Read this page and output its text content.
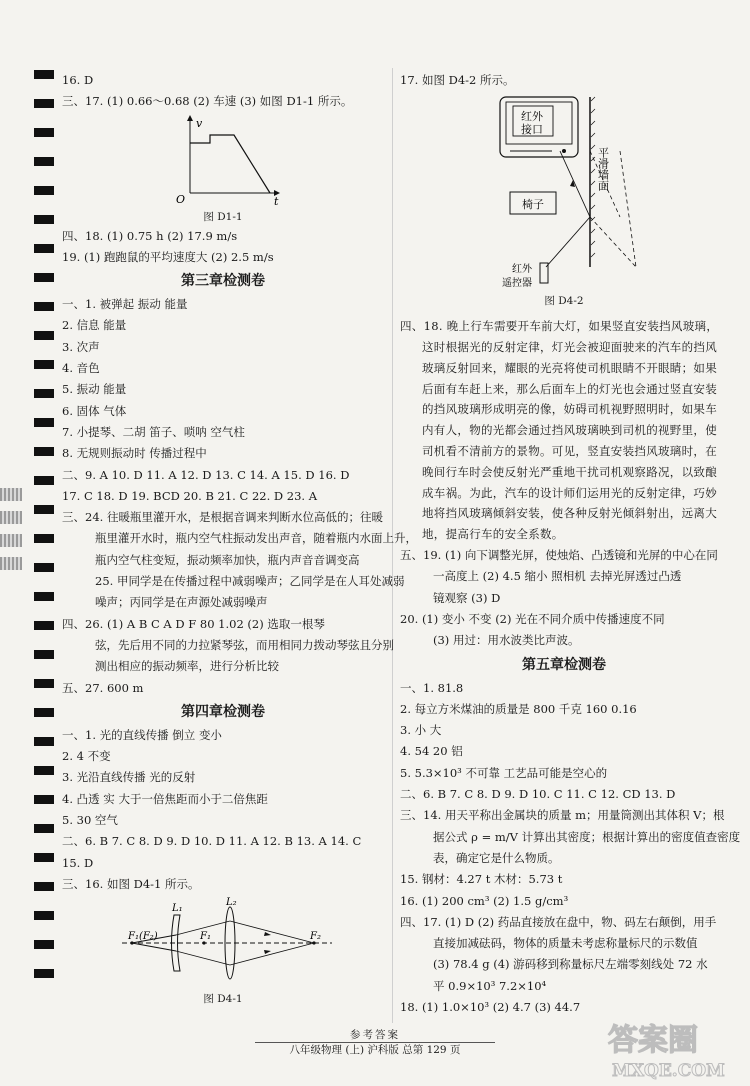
16. D
三、17. (1) 0.66～0.68 (2) 车速 (3) 如图 D1-1 所示。
v
O	t
图 D1-1
四、18. (1) 0.75 h (2) 17.9 m/s
19. (1) 跑跑鼠的平均速度大 (2) 2.5 m/s
第三章检测卷
一、1. 被弹起 振动 能量
2. 信息 能量
3. 次声
4. 音色
5. 振动 能量
6. 固体 气体
7. 小提琴、二胡 笛子、唢呐 空气柱
8. 无规则振动时 传播过程中
二、9. A 10. D 11. A 12. D 13. C 14. A 15. D 16. D
17. C 18. D 19. BCD 20. B 21. C 22. D 23. A
三、24. 往暖瓶里灌开水，是根据音调来判断水位高低的；往暖
瓶里灌开水时，瓶内空气柱振动发出声音，随着瓶内水面上升，
瓶内空气柱变短，振动频率加快，瓶内声音音调变高
25. 甲同学是在传播过程中减弱噪声；乙同学是在人耳处减弱
噪声；丙同学是在声源处减弱噪声
四、26. (1) A B C A D F 80 1.02 (2) 选取一根琴
弦，先后用不同的力拉紧琴弦，而用相同力拨动琴弦且分别
测出相应的振动频率，进行分析比较
五、27. 600 m
第四章检测卷
一、1. 光的直线传播 倒立 变小
2. 4 不变
3. 光沿直线传播 光的反射
4. 凸透 实 大于一倍焦距而小于二倍焦距
5. 30 空气
二、6. B 7. C 8. D 9. D 10. D 11. A 12. B 13. A 14. C
15. D
三、16. 如图 D4-1 所示。
L₁
L₂
F₁(F₂)	F₁	F₂
图 D4-1
17. 如图 D4-2 所示。
红外
接口
平滑墙面
椅子
红外
遥控器
图 D4-2
四、18. 晚上行车需要开车前大灯，如果竖直安装挡风玻璃，这时根据光的反射定律，灯光会被迎面驶来的汽车的挡风玻璃反射回来，耀眼的光亮将使司机眼睛不开眼睛；如果后面有车赶上来，那么后面车上的灯光也会通过竖直安装的挡风玻璃形成明亮的像，妨碍司机视野照明时，如果车内有人，物的光都会通过挡风玻璃映到司机的视野里，使司机看不清前方的景物。可见，竖直安装挡风玻璃时，在晚间行车时会使反射光严重地干扰司机观察路况，以致酿成车祸。为此，汽车的设计师们运用光的反射定律，巧妙地将挡风玻璃倾斜安装，使各种反射光倾斜射出，远离大地，提高行车的安全系数。
五、19. (1) 向下调整光屏，使烛焰、凸透镜和光屏的中心在同
一高度上 (2) 4.5 缩小 照相机 去掉光屏透过凸透
镜观察 (3) D
20. (1) 变小 不变 (2) 光在不同介质中传播速度不同
(3) 用过：用水波类比声波。
第五章检测卷
一、1. 81.8
2. 每立方米煤油的质量是 800 千克 160 0.16
3. 小 大
4. 54 20 铝
5. 5.3×10³ 不可靠 工艺品可能是空心的
二、6. B 7. C 8. D 9. D 10. C 11. C 12. CD 13. D
三、14. 用天平称出金属块的质量 m；用量筒测出其体积 V；根
据公式 ρ = m/V 计算出其密度；根据计算出的密度值查密度
表，确定它是什么物质。
15. 钢材：4.27 t 木材：5.73 t
16. (1) 200 cm³ (2) 1.5 g/cm³
四、17. (1) D (2) 药品直接放在盘中，物、码左右颠倒，用手
直接加减砝码，物体的质量未考虑称量标尺的示数值
(3) 78.4 g (4) 游码移到称量标尺左端零刻线处 72 水
平 0.9×10³ 7.2×10⁴
18. (1) 1.0×10³ (2) 4.7 (3) 44.7
参考答案
八年级物理 (上) 沪科版 总第 129 页	答案圈
MXQE.COM
